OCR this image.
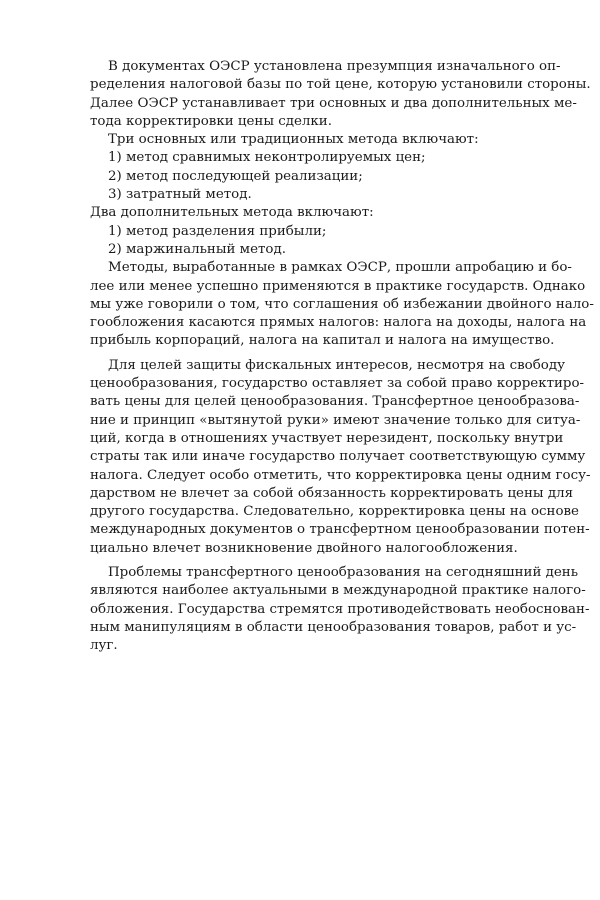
В документах ОЭСР установлена презумпция изначального оп-
ределения налоговой базы по той цене, которую установили стороны.
Далее ОЭСР устанавливает три основных и два дополнительных ме-
тода корректировки цены сделки.
Три основных или традиционных метода включают:
1) метод сравнимых неконтролируемых цен;
2) метод последующей реализации;
3) затратный метод.
Два дополнительных метода включают:
1) метод разделения прибыли;
2) маржинальный метод.
Методы, выработанные в рамках ОЭСР, прошли апробацию и бо-
лее или менее успешно применяются в практике государств. Однако
мы уже говорили о том, что соглашения об избежании двойного нало-
гообложения касаются прямых налогов: налога на доходы, налога на
прибыль корпораций, налога на капитал и налога на имущество.
Для целей защиты фискальных интересов, несмотря на свободу
ценообразования, государство оставляет за собой право корректиро-
вать цены для целей ценообразования. Трансфертное ценообразова-
ние и принцип «вытянутой руки» имеют значение только для ситуа-
ций, когда в отношениях участвует нерезидент, поскольку внутри
страты так или иначе государство получает соответствующую сумму
налога. Следует особо отметить, что корректировка цены одним госу-
дарством не влечет за собой обязанность корректировать цены для
другого государства. Следовательно, корректировка цены на основе
международных документов о трансфертном ценообразовании потен-
циально влечет возникновение двойного налогообложения.
Проблемы трансфертного ценообразования на сегодняшний день
являются наиболее актуальными в международной практике налого-
обложения. Государства стремятся противодействовать необоснован-
ным манипуляциям в области ценообразования товаров, работ и ус-
луг.
